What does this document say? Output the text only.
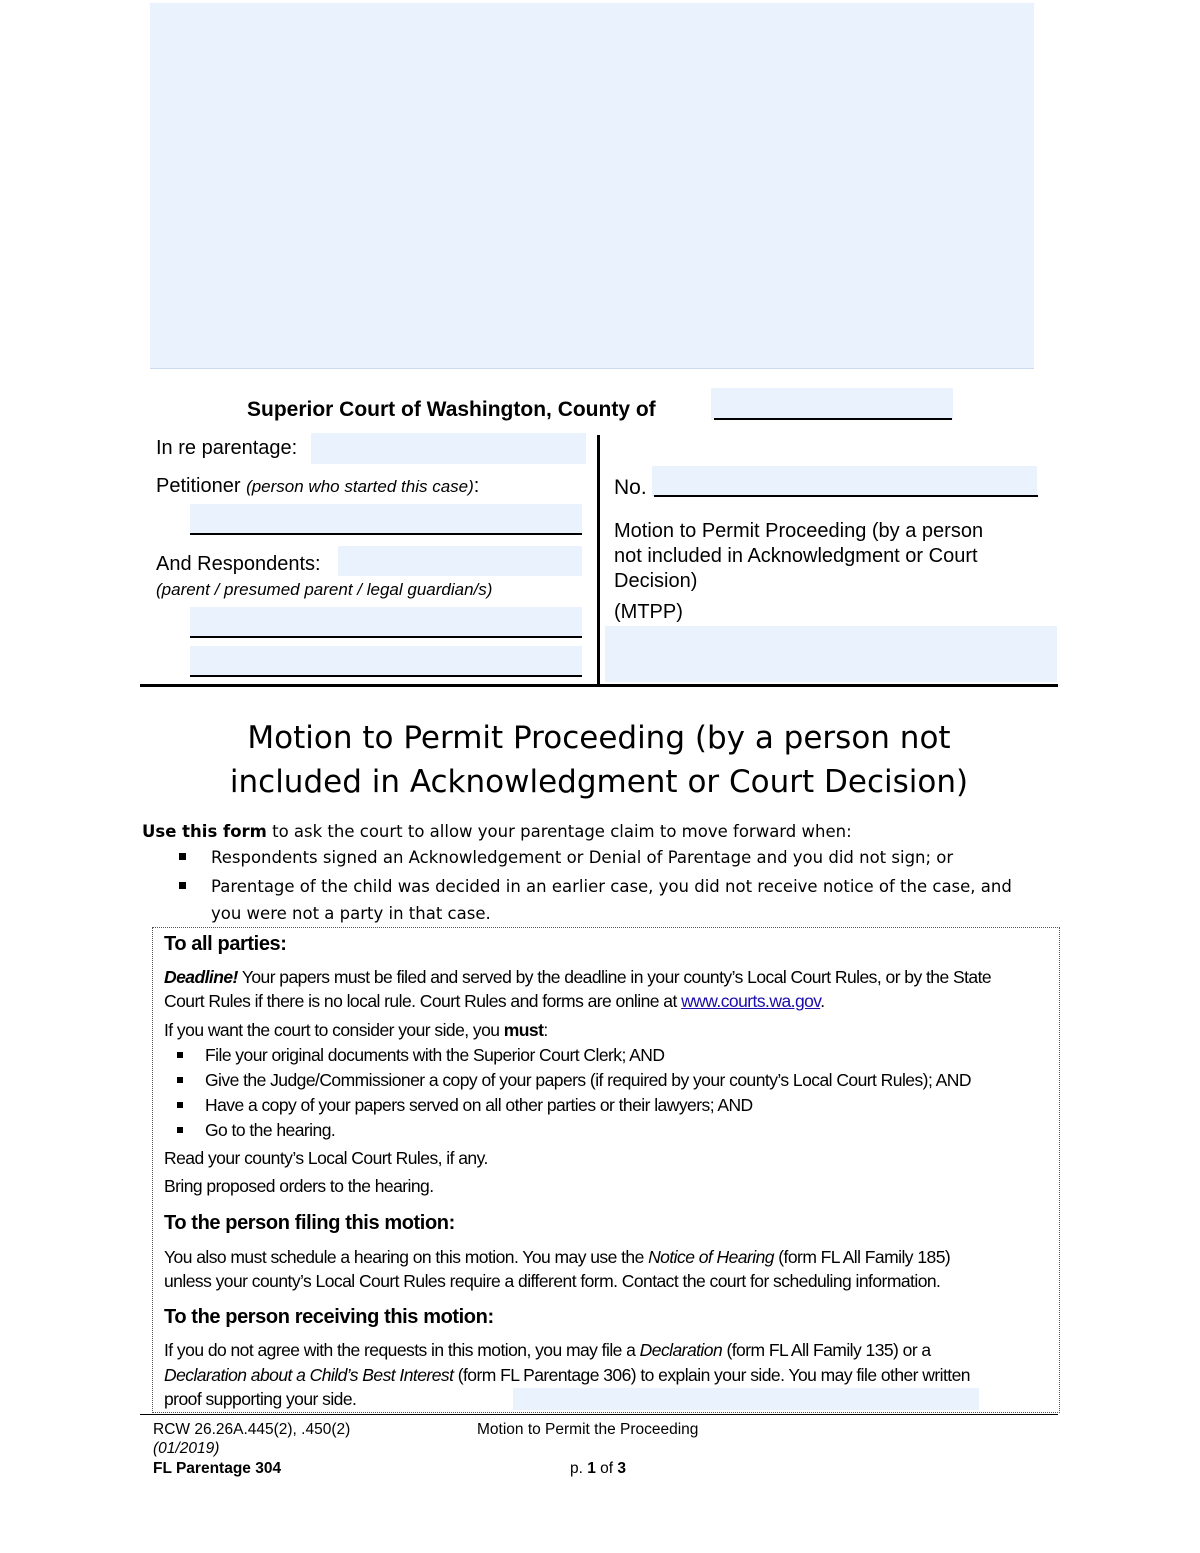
Superior Court of Washington, County of
In re parentage:
Petitioner (person who started this case):
And Respondents:
(parent / presumed parent / legal guardian/s)
No.
Motion to Permit Proceeding (by a person
not included in Acknowledgment or Court
Decision)
(MTPP)
Motion to Permit Proceeding (by a person not
included in Acknowledgment or Court Decision)
Use this form to ask the court to allow your parentage claim to move forward when:
Respondents signed an Acknowledgement or Denial of Parentage and you did not sign; or
Parentage of the child was decided in an earlier case, you did not receive notice of the case, and
you were not a party in that case.
To all parties:
Deadline! Your papers must be filed and served by the deadline in your county’s Local Court Rules, or by the State
Court Rules if there is no local rule. Court Rules and forms are online at www.courts.wa.gov.
If you want the court to consider your side, you must:
File your original documents with the Superior Court Clerk; AND
Give the Judge/Commissioner a copy of your papers (if required by your county’s Local Court Rules); AND
Have a copy of your papers served on all other parties or their lawyers; AND
Go to the hearing.
Read your county’s Local Court Rules, if any.
Bring proposed orders to the hearing.
To the person filing this motion:
You also must schedule a hearing on this motion. You may use the Notice of Hearing (form FL All Family 185)
unless your county’s Local Court Rules require a different form. Contact the court for scheduling information.
To the person receiving this motion:
If you do not agree with the requests in this motion, you may file a Declaration (form FL All Family 135) or a
Declaration about a Child’s Best Interest (form FL Parentage 306) to explain your side. You may file other written
proof supporting your side.
RCW 26.26A.445(2), .450(2)
(01/2019)
FL Parentage 304
Motion to Permit the Proceeding
p. 1 of 3
